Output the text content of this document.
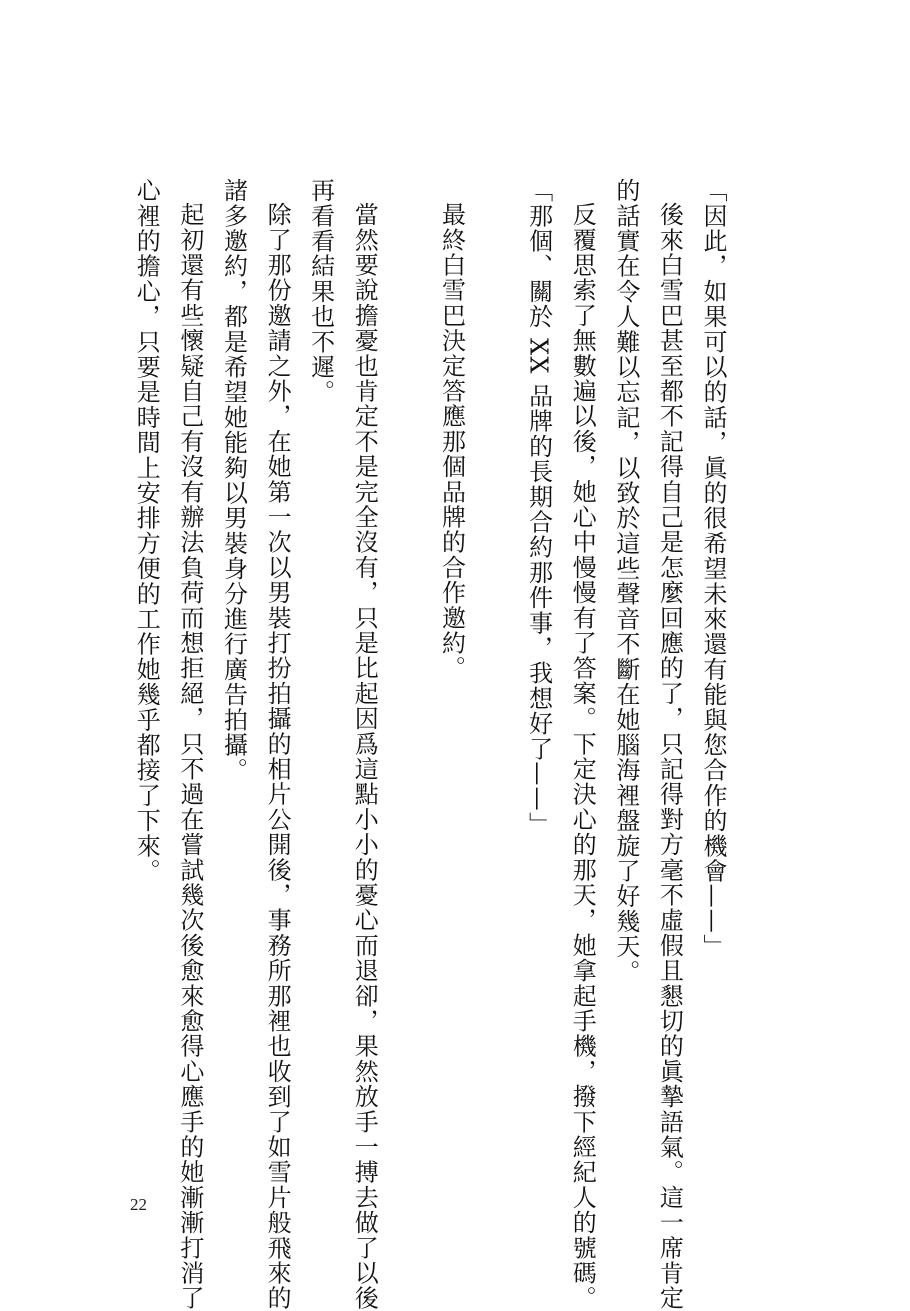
「因此，如果可以的話，眞的很希望未來還有能與您合作的機會——」
後來白雪巴甚至都不記得自己是怎麼回應的了，只記得對方毫不虛假且懇切的眞摯語氣。這一席肯定
的話實在令人難以忘記，以致於這些聲音不斷在她腦海裡盤旋了好幾天。
反覆思索了無數遍以後，她心中慢慢有了答案。下定決心的那天，她拿起手機，撥下經紀人的號碼。
「那個、關於 XX 品牌的長期合約那件事，我想好了——」
最終白雪巴決定答應那個品牌的合作邀約。
當然要說擔憂也肯定不是完全沒有，只是比起因爲這點小小的憂心而退卻，果然放手一搏去做了以後
再看看結果也不遲。
除了那份邀請之外，在她第一次以男裝打扮拍攝的相片公開後，事務所那裡也收到了如雪片般飛來的
諸多邀約，都是希望她能夠以男裝身分進行廣告拍攝。
起初還有些懷疑自己有沒有辦法負荷而想拒絕，只不過在嘗試幾次後愈來愈得心應手的她漸漸打消了
心裡的擔心，只要是時間上安排方便的工作她幾乎都接了下來。
22
